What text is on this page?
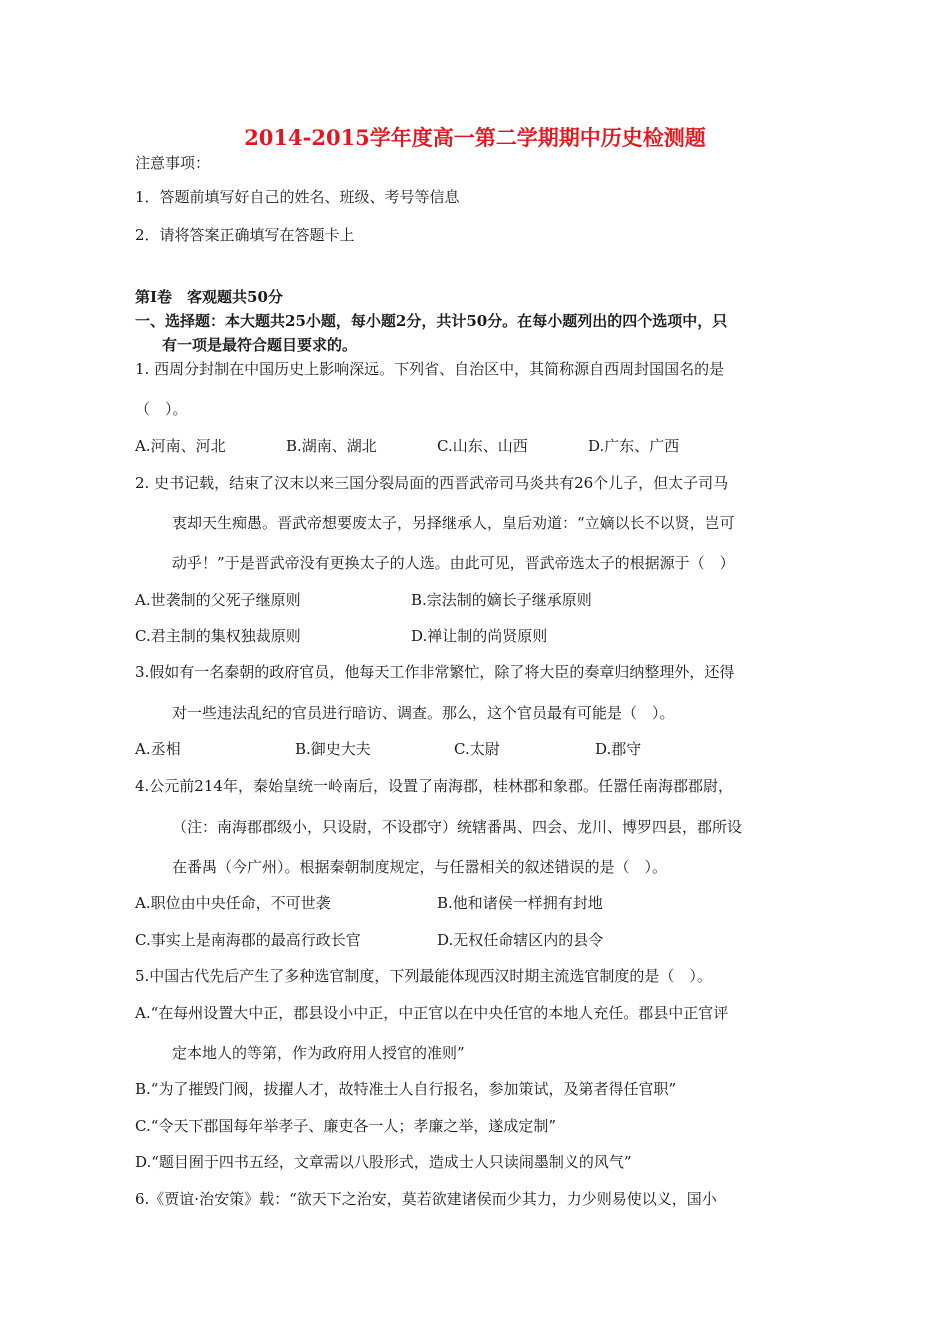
2014-2015学年度高一第二学期期中历史检测题
注意事项：
1．答题前填写好自己的姓名、班级、考号等信息
2．请将答案正确填写在答题卡上
第Ⅰ卷　客观题共50分
一、选择题：本大题共25小题，每小题2分，共计50分。在每小题列出的四个选项中，只
有一项是最符合题目要求的。
1. 西周分封制在中国历史上影响深远。下列省、自治区中，其简称源自西周封国国名的是
（　）。
A.河南、河北	B.湖南、湖北	C.山东、山西	D.广东、广西
2. 史书记载，结束了汉末以来三国分裂局面的西晋武帝司马炎共有26个儿子，但太子司马
衷却天生痴愚。晋武帝想要废太子，另择继承人，皇后劝道：“立嫡以长不以贤，岂可
动乎！”于是晋武帝没有更换太子的人选。由此可见，晋武帝选太子的根据源于（　）
A.世袭制的父死子继原则	B.宗法制的嫡长子继承原则
C.君主制的集权独裁原则	D.禅让制的尚贤原则
3.假如有一名秦朝的政府官员，他每天工作非常繁忙，除了将大臣的奏章归纳整理外，还得
对一些违法乱纪的官员进行暗访、调查。那么，这个官员最有可能是（　）。
A.丞相	B.御史大夫	C.太尉	D.郡守
4.公元前214年，秦始皇统一岭南后，设置了南海郡，桂林郡和象郡。任嚣任南海郡郡尉，
（注：南海郡郡级小，只设尉，不设郡守）统辖番禺、四会、龙川、博罗四县，郡所设
在番禺（今广州）。根据秦朝制度规定，与任嚣相关的叙述错误的是（　）。
A.职位由中央任命，不可世袭	B.他和诸侯一样拥有封地
C.事实上是南海郡的最高行政长官	D.无权任命辖区内的县令
5.中国古代先后产生了多种选官制度，下列最能体现西汉时期主流选官制度的是（　）。
A.“在每州设置大中正，郡县设小中正，中正官以在中央任官的本地人充任。郡县中正官评
定本地人的等第，作为政府用人授官的准则”
B.“为了摧毁门阀，拔擢人才，故特准士人自行报名，参加策试，及第者得任官职”
C.“令天下郡国每年举孝子、廉吏各一人；孝廉之举，遂成定制”
D.“题目囿于四书五经，文章需以八股形式，造成士人只读闹墨制义的风气”
6.《贾谊·治安策》载：“欲天下之治安，莫若欲建诸侯而少其力，力少则易使以义，国小
